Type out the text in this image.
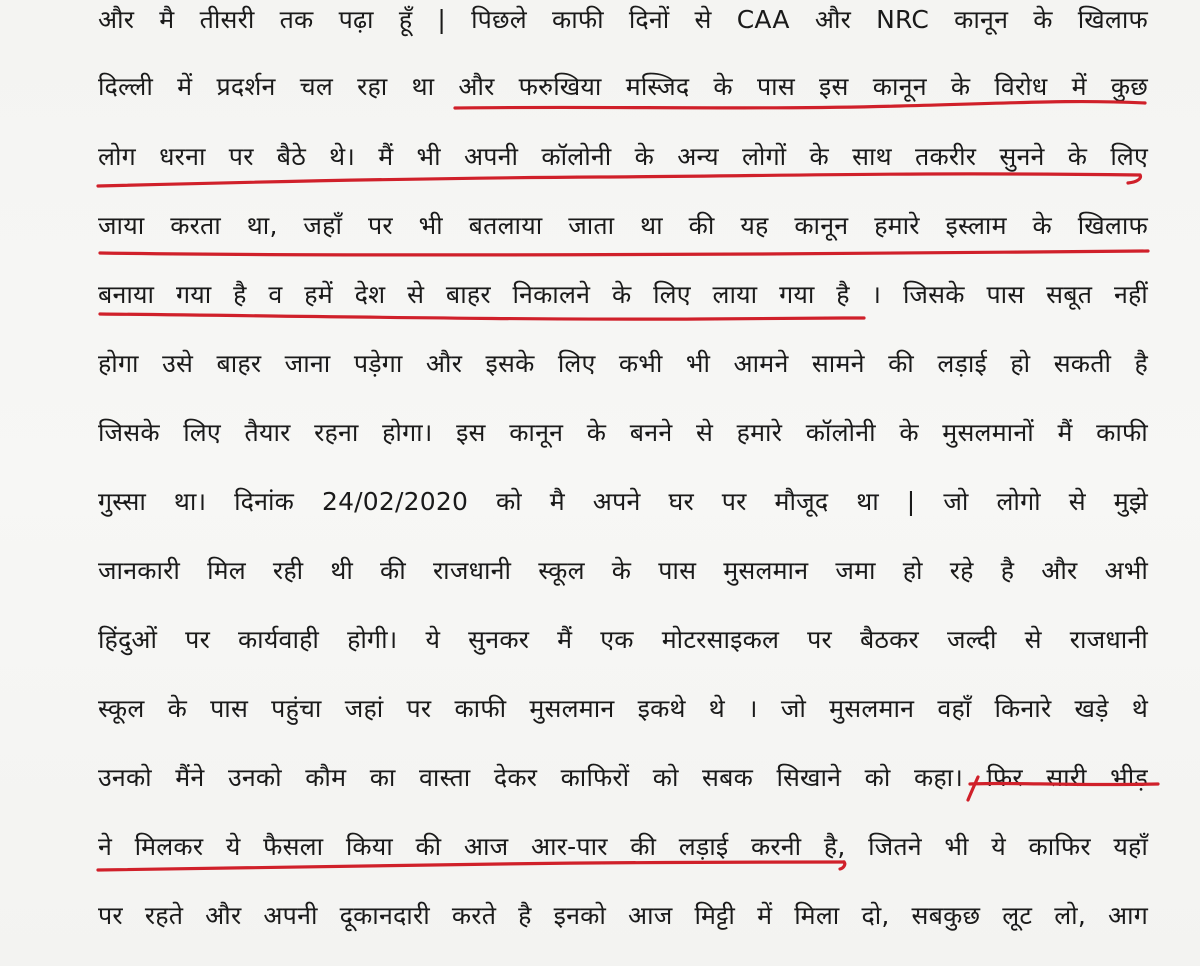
और मै तीसरी तक पढ़ा हूँ | पिछले काफी दिनों से CAA और NRC कानून के खिलाफ
दिल्ली में प्रदर्शन चल रहा था और फरुखिया मस्जिद के पास इस कानून के विरोध में कुछ
लोग धरना पर बैठे थे। मैं भी अपनी कॉलोनी के अन्य लोगों के साथ तकरीर सुनने के लिए
जाया करता था, जहाँ पर भी बतलाया जाता था की यह कानून हमारे इस्लाम के खिलाफ
बनाया गया है व हमें देश से बाहर निकालने के लिए लाया गया है । जिसके पास सबूत नहीं
होगा उसे बाहर जाना पड़ेगा और इसके लिए कभी भी आमने सामने की लड़ाई हो सकती है
जिसके लिए तैयार रहना होगा। इस कानून के बनने से हमारे कॉलोनी के मुसलमानों मैं काफी
गुस्सा था। दिनांक 24/02/2020 को मै अपने घर पर मौजूद था | जो लोगो से मुझे
जानकारी मिल रही थी की राजधानी स्कूल के पास मुसलमान जमा हो रहे है और अभी
हिंदुओं पर कार्यवाही होगी। ये सुनकर मैं एक मोटरसाइकल पर बैठकर जल्दी से राजधानी
स्कूल के पास पहुंचा जहां पर काफी मुसलमान इकथे थे । जो मुसलमान वहाँ किनारे खड़े थे
उनको मैंने उनको कौम का वास्ता देकर काफिरों को सबक सिखाने को कहा। फिर सारी भीड़
ने मिलकर ये फैसला किया की आज आर-पार की लड़ाई करनी है, जितने भी ये काफिर यहाँ
पर रहते और अपनी दूकानदारी करते है इनको आज मिट्टी में मिला दो, सबकुछ लूट लो, आग
